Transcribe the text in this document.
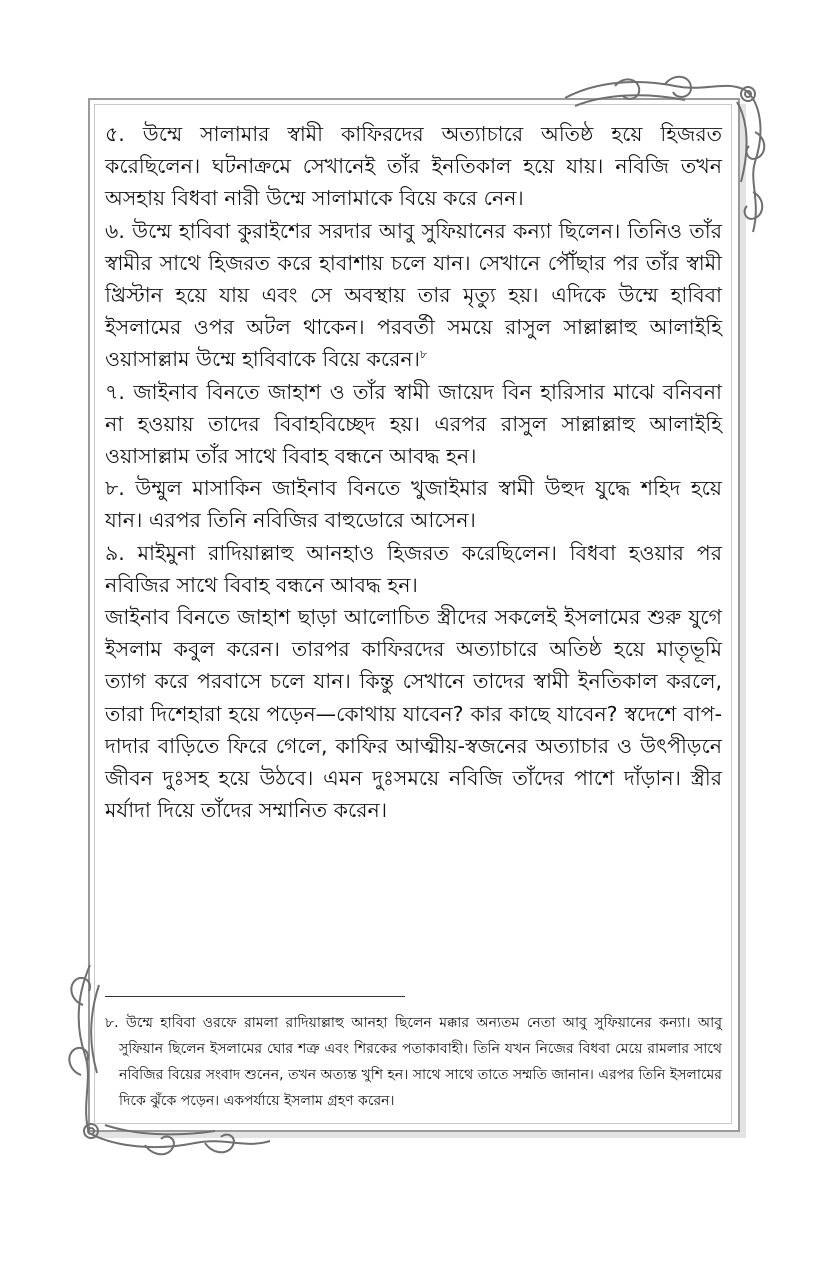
৫. উম্মে সালামার স্বামী কাফিরদের অত্যাচারে অতিষ্ঠ হয়ে হিজরত করেছিলেন। ঘটনাক্রমে সেখানেই তাঁর ইনতিকাল হয়ে যায়। নবিজি তখন অসহায় বিধবা নারী উম্মে সালামাকে বিয়ে করে নেন।

৬. উম্মে হাবিবা কুরাইশের সরদার আবু সুফিয়ানের কন্যা ছিলেন। তিনিও তাঁর স্বামীর সাথে হিজরত করে হাবাশায় চলে যান। সেখানে পৌঁছার পর তাঁর স্বামী খ্রিস্টান হয়ে যায় এবং সে অবস্থায় তার মৃত্যু হয়। এদিকে উম্মে হাবিবা ইসলামের ওপর অটল থাকেন। পরবর্তী সময়ে রাসুল সাল্লাল্লাহু আলাইহি ওয়াসাল্লাম উম্মে হাবিবাকে বিয়ে করেন।$^৮$

৭. জাইনাব বিনতে জাহাশ ও তাঁর স্বামী জায়েদ বিন হারিসার মাঝে বনিবনা না হওয়ায় তাদের বিবাহবিচ্ছেদ হয়। এরপর রাসুল সাল্লাল্লাহু আলাইহি ওয়াসাল্লাম তাঁর সাথে বিবাহ বন্ধনে আবদ্ধ হন।

৮. উম্মুল মাসাকিন জাইনাব বিনতে খুজাইমার স্বামী উহুদ যুদ্ধে শহিদ হয়ে যান। এরপর তিনি নবিজির বাহুডোরে আসেন।

৯. মাইমুনা রাদিয়াল্লাহু আনহাও হিজরত করেছিলেন। বিধবা হওয়ার পর নবিজির সাথে বিবাহ বন্ধনে আবদ্ধ হন।

জাইনাব বিনতে জাহাশ ছাড়া আলোচিত স্ত্রীদের সকলেই ইসলামের শুরু যুগে ইসলাম কবুল করেন। তারপর কাফিরদের অত্যাচারে অতিষ্ঠ হয়ে মাতৃভূমি ত্যাগ করে পরবাসে চলে যান। কিন্তু সেখানে তাদের স্বামী ইনতিকাল করলে, তারা দিশেহারা হয়ে পড়েন—কোথায় যাবেন? কার কাছে যাবেন? স্বদেশে বাপ-দাদার বাড়িতে ফিরে গেলে, কাফির আত্মীয়-স্বজনের অত্যাচার ও উৎপীড়নে জীবন দুঃসহ হয়ে উঠবে। এমন দুঃসময়ে নবিজি তাঁদের পাশে দাঁড়ান। স্ত্রীর মর্যাদা দিয়ে তাঁদের সম্মানিত করেন।

৮. উম্মে হাবিবা ওরফে রামলা রাদিয়াল্লাহু আনহা ছিলেন মক্কার অন্যতম নেতা আবু সুফিয়ানের কন্যা। আবু সুফিয়ান ছিলেন ইসলামের ঘোর শত্রু এবং শিরকের পতাকাবাহী। তিনি যখন নিজের বিধবা মেয়ে রামলার সাথে নবিজির বিয়ের সংবাদ শুনেন, তখন অত্যন্ত খুশি হন। সাথে সাথে তাতে সম্মতি জানান। এরপর তিনি ইসলামের দিকে ঝুঁকে পড়েন। একপর্যায়ে ইসলাম গ্রহণ করেন।
